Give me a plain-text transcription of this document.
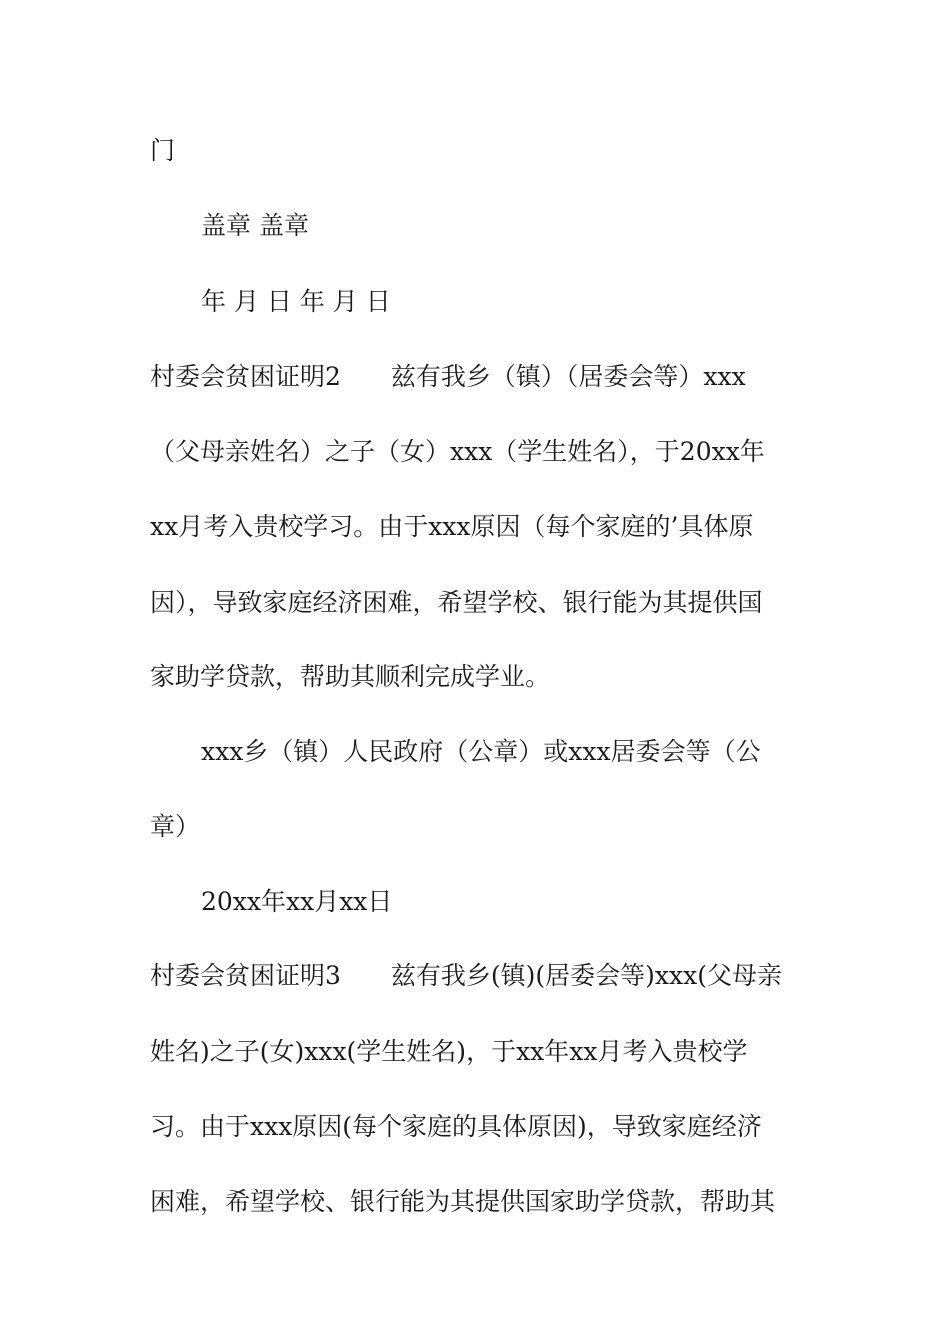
门
盖章 盖章
年 月 日 年 月 日
村委会贫困证明2　　兹有我乡（镇）（居委会等）xxx
（父母亲姓名）之子（女）xxx（学生姓名），于20xx年
xx月考入贵校学习。由于xxx原因（每个家庭的’具体原
因），导致家庭经济困难，希望学校、银行能为其提供国
家助学贷款，帮助其顺利完成学业。
xxx乡（镇）人民政府（公章）或xxx居委会等（公
章）
20xx年xx月xx日
村委会贫困证明3　　兹有我乡(镇)(居委会等)xxx(父母亲
姓名)之子(女)xxx(学生姓名)，于xx年xx月考入贵校学
习。由于xxx原因(每个家庭的具体原因)，导致家庭经济
困难，希望学校、银行能为其提供国家助学贷款，帮助其
